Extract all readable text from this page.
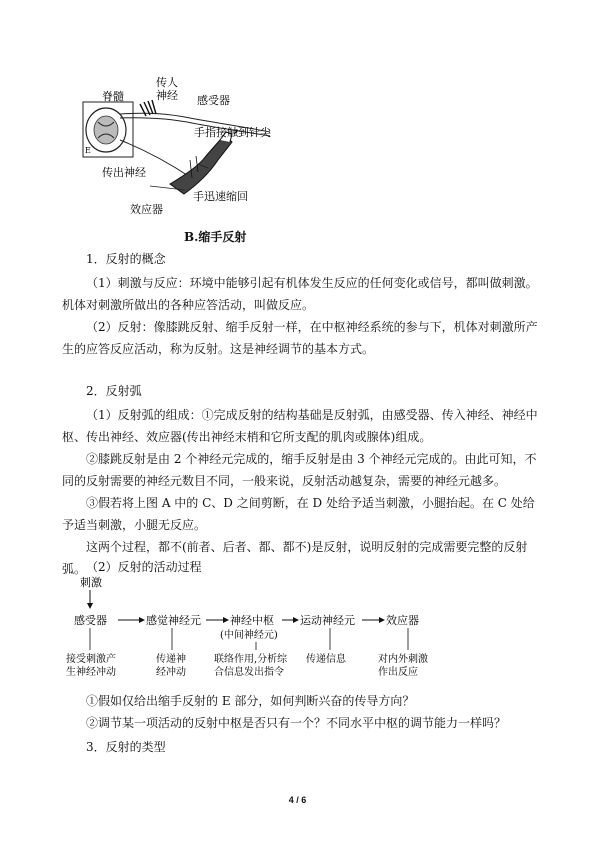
脊髓
传人
神经 感受器
手指接触到针尖
传出神经
效应器
手迅速缩回
E
B.缩手反射
1．反射的概念

（1）刺激与反应：环境中能够引起有机体发生反应的任何变化或信号，都叫做刺激。机体对刺激所做出的各种应答活动，叫做反应。

（2）反射：像膝跳反射、缩手反射一样，在中枢神经系统的参与下，机体对刺激所产生的应答反应活动，称为反射。这是神经调节的基本方式。

2．反射弧

（1）反射弧的组成：①完成反射的结构基础是反射弧，由感受器、传入神经、神经中枢、传出神经、效应器(传出神经末梢和它所支配的肌肉或腺体)组成。

②膝跳反射是由 2 个神经元完成的，缩手反射是由 3 个神经元完成的。由此可知，不同的反射需要的神经元数目不同，一般来说，反射活动越复杂，需要的神经元越多。

③假若将上图 A 中的 C、D 之间剪断，在 D 处给予适当刺激，小腿抬起。在 C 处给予适当刺激，小腿无反应。

这两个过程，都不(前者、后者、都、都不)是反射，说明反射的完成需要完整的反射弧。 （2）反射的活动过程
刺激
感受器	感觉神经元	神经中枢
(中间神经元)
运动神经元	效应器
接受刺激产
生神经冲动
传递神
经冲动
联络作用,分析综
合信息发出指令
传递信息	对内外刺激
作出反应

①假如仅给出缩手反射的 E 部分，如何判断兴奋的传导方向？

②调节某一项活动的反射中枢是否只有一个？不同水平中枢的调节能力一样吗？

3．反射的类型
4 / 6
